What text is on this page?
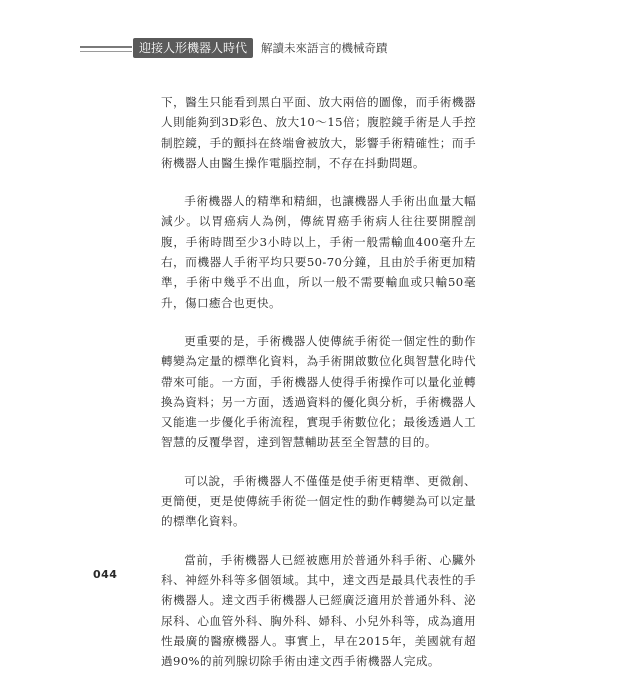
迎接人形機器人時代	解讀未來語言的機械奇蹟

下，醫生只能看到黑白平面、放大兩倍的圖像，而手術機器人則能夠到3D彩色、放大10～15倍；腹腔鏡手術是人手控制腔鏡，手的顫抖在終端會被放大，影響手術精確性；而手術機器人由醫生操作電腦控制，不存在抖動問題。

手術機器人的精準和精細，也讓機器人手術出血量大幅減少。以胃癌病人為例，傳統胃癌手術病人往往要開膛剖腹，手術時間至少3小時以上，手術一般需輸血400毫升左右，而機器人手術平均只要50-70分鐘，且由於手術更加精準，手術中幾乎不出血，所以一般不需要輸血或只輸50毫升，傷口癒合也更快。

更重要的是，手術機器人使傳統手術從一個定性的動作轉變為定量的標準化資料，為手術開啟數位化與智慧化時代帶來可能。一方面，手術機器人使得手術操作可以量化並轉換為資料；另一方面，透過資料的優化與分析，手術機器人又能進一步優化手術流程，實現手術數位化；最後透過人工智慧的反覆學習，達到智慧輔助甚至全智慧的目的。

可以說，手術機器人不僅僅是使手術更精準、更微創、更簡便，更是使傳統手術從一個定性的動作轉變為可以定量的標準化資料。

當前，手術機器人已經被應用於普通外科手術、心臟外科、神經外科等多個領域。其中，達文西是最具代表性的手術機器人。達文西手術機器人已經廣泛適用於普通外科、泌尿科、心血管外科、胸外科、婦科、小兒外科等，成為適用性最廣的醫療機器人。事實上，早在2015年，美國就有超過90%的前列腺切除手術由達文西手術機器人完成。

044
